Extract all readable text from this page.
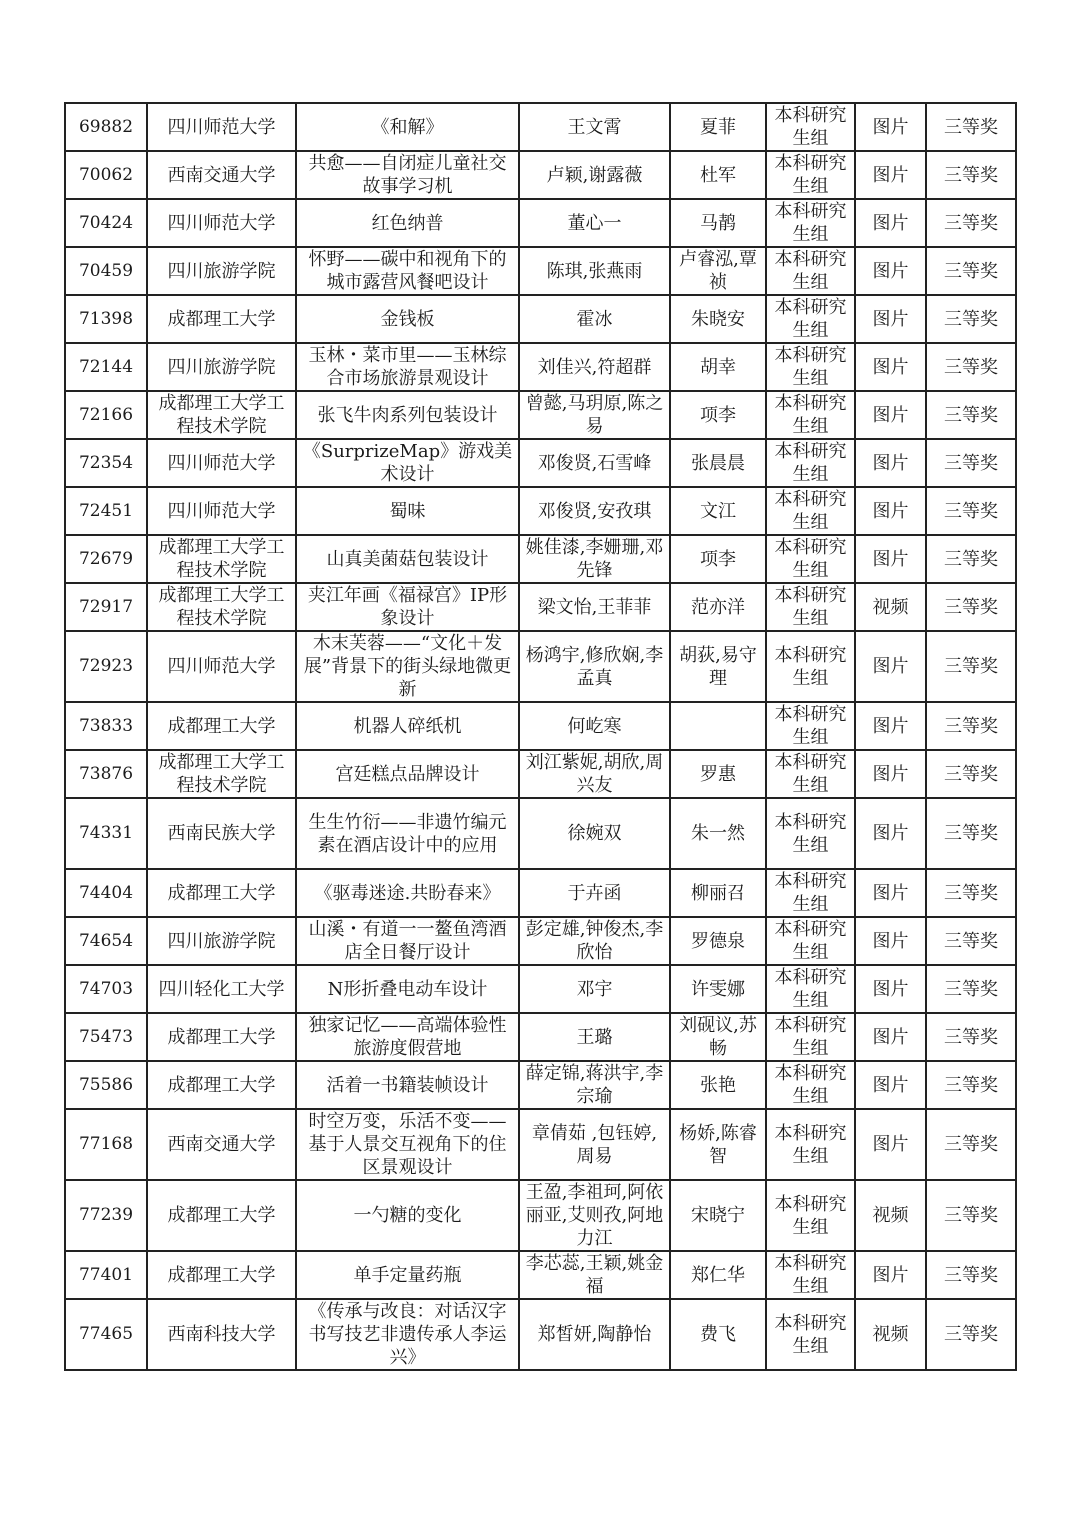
69882	四川师范大学	《和解》	王文霄	夏菲	本科研究生组	图片	三等奖
70062	西南交通大学	共愈——自闭症儿童社交故事学习机	卢颖,谢露薇	杜军	本科研究生组	图片	三等奖
70424	四川师范大学	红色纳普	董心一	马䴖	本科研究生组	图片	三等奖
70459	四川旅游学院	怀野——碳中和视角下的城市露营风餐吧设计	陈琪,张燕雨	卢睿泓,覃祯	本科研究生组	图片	三等奖
71398	成都理工大学	金钱板	霍冰	朱晓安	本科研究生组	图片	三等奖
72144	四川旅游学院	玉林・菜市里——玉林综合市场旅游景观设计	刘佳兴,符超群	胡幸	本科研究生组	图片	三等奖
72166	成都理工大学工程技术学院	张飞牛肉系列包装设计	曾懿,马玥原,陈之易	项李	本科研究生组	图片	三等奖
72354	四川师范大学	《SurprizeMap》游戏美术设计	邓俊贤,石雪峰	张晨晨	本科研究生组	图片	三等奖
72451	四川师范大学	蜀味	邓俊贤,安孜琪	文江	本科研究生组	图片	三等奖
72679	成都理工大学工程技术学院	山真美菌菇包装设计	姚佳漆,李姗珊,邓先锋	项李	本科研究生组	图片	三等奖
72917	成都理工大学工程技术学院	夹江年画《福禄宫》IP形象设计	梁文怡,王菲菲	范亦洋	本科研究生组	视频	三等奖
72923	四川师范大学	木末芙蓉——“文化＋发展”背景下的街头绿地微更新	杨鸿宇,修欣娴,李孟真	胡荻,易守理	本科研究生组	图片	三等奖
73833	成都理工大学	机器人碎纸机	何屹寒		本科研究生组	图片	三等奖
73876	成都理工大学工程技术学院	宫廷糕点品牌设计	刘江紫妮,胡欣,周兴友	罗惠	本科研究生组	图片	三等奖
74331	西南民族大学	生生竹衍——非遗竹编元素在酒店设计中的应用	徐婉双	朱一然	本科研究生组	图片	三等奖
74404	成都理工大学	《驱毒迷途.共盼春来》	于卉函	柳丽召	本科研究生组	图片	三等奖
74654	四川旅游学院	山溪・有道一一鳌鱼湾酒店全日餐厅设计	彭定雄,钟俊杰,李欣怡	罗德泉	本科研究生组	图片	三等奖
74703	四川轻化工大学	N形折叠电动车设计	邓宇	许雯娜	本科研究生组	图片	三等奖
75473	成都理工大学	独家记忆——高端体验性旅游度假营地	王璐	刘砚议,苏畅	本科研究生组	图片	三等奖
75586	成都理工大学	活着一书籍装帧设计	薛定锦,蒋洪宇,李宗瑜	张艳	本科研究生组	图片	三等奖
77168	西南交通大学	时空万变，乐活不变——基于人景交互视角下的住区景观设计	章倩茹 ,包钰婷,周易	杨娇,陈睿智	本科研究生组	图片	三等奖
77239	成都理工大学	一勺糖的变化	王盈,李祖珂,阿依丽亚,艾则孜,阿地力江	宋晓宁	本科研究生组	视频	三等奖
77401	成都理工大学	单手定量药瓶	李芯蕊,王颖,姚金福	郑仁华	本科研究生组	图片	三等奖
77465	西南科技大学	《传承与改良：对话汉字书写技艺非遗传承人李运兴》	郑皙妍,陶静怡	费飞	本科研究生组	视频	三等奖
